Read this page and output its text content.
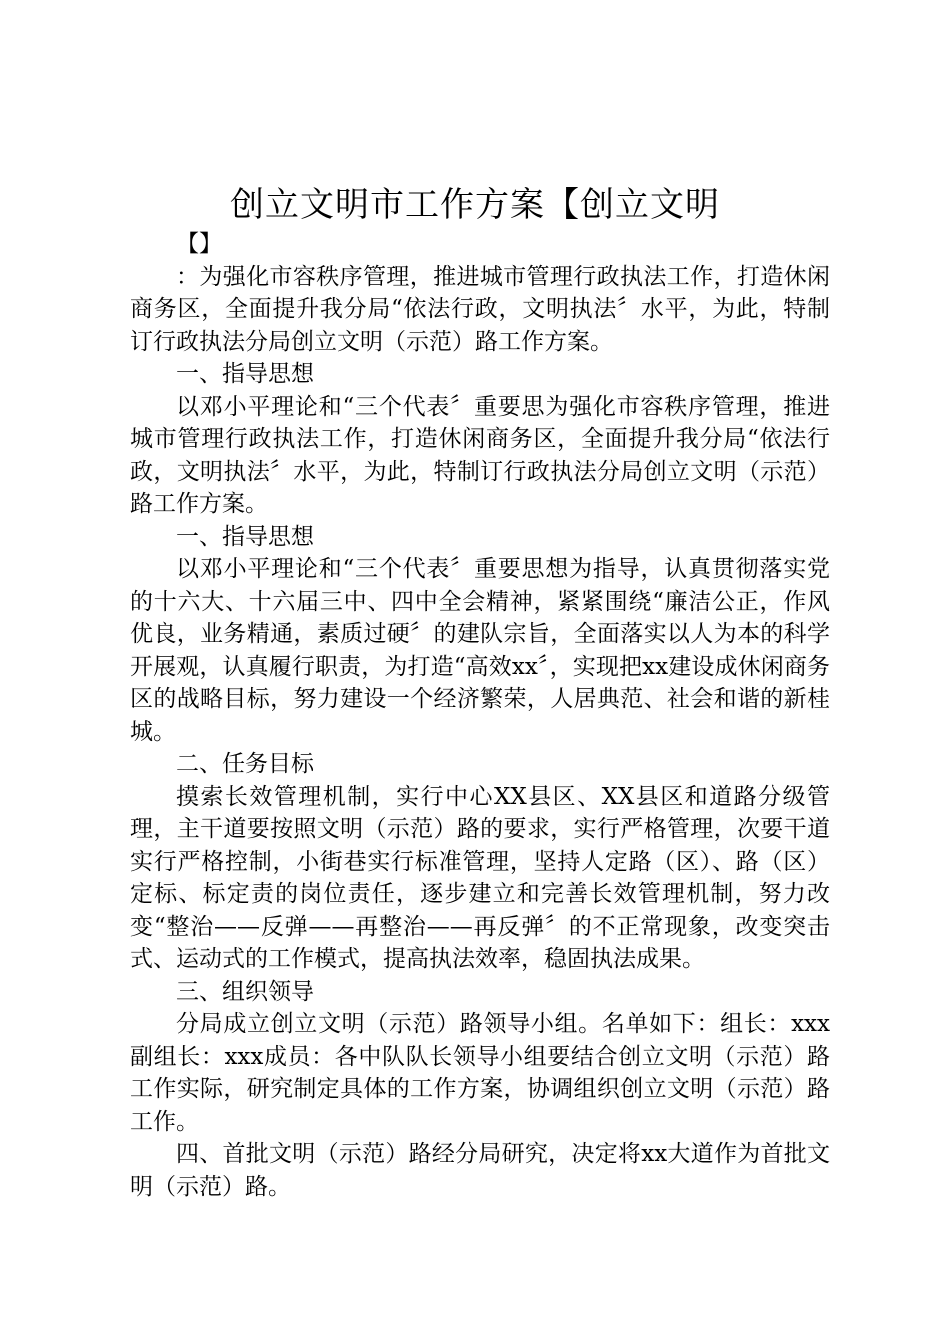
创立文明市工作方案【创立文明

【】

：为强化市容秩序管理，推进城市管理行政执法工作，打造休闲商务区，全面提升我分局“依法行政，文明执法〞水平，为此，特制订行政执法分局创立文明（示范）路工作方案。

一、指导思想

以邓小平理论和“三个代表〞重要思为强化市容秩序管理，推进城市管理行政执法工作，打造休闲商务区，全面提升我分局“依法行政，文明执法〞水平，为此，特制订行政执法分局创立文明（示范）路工作方案。

一、指导思想

以邓小平理论和“三个代表〞重要思想为指导，认真贯彻落实党的十六大、十六届三中、四中全会精神，紧紧围绕“廉洁公正，作风优良，业务精通，素质过硬〞的建队宗旨，全面落实以人为本的科学开展观，认真履行职责，为打造“高效xx〞，实现把xx建设成休闲商务区的战略目标，努力建设一个经济繁荣，人居典范、社会和谐的新桂城。

二、任务目标

摸索长效管理机制，实行中心XX县区、XX县区和道路分级管理，主干道要按照文明（示范）路的要求，实行严格管理，次要干道实行严格控制，小街巷实行标准管理，坚持人定路（区）、路（区）定标、标定责的岗位责任，逐步建立和完善长效管理机制，努力改变“整治——反弹——再整治——再反弹〞的不正常现象，改变突击式、运动式的工作模式，提高执法效率，稳固执法成果。

三、组织领导

分局成立创立文明（示范）路领导小组。名单如下：组长：xxx副组长：xxx成员：各中队队长领导小组要结合创立文明（示范）路工作实际，研究制定具体的工作方案，协调组织创立文明（示范）路工作。

四、首批文明（示范）路经分局研究，决定将xx大道作为首批文明（示范）路。
